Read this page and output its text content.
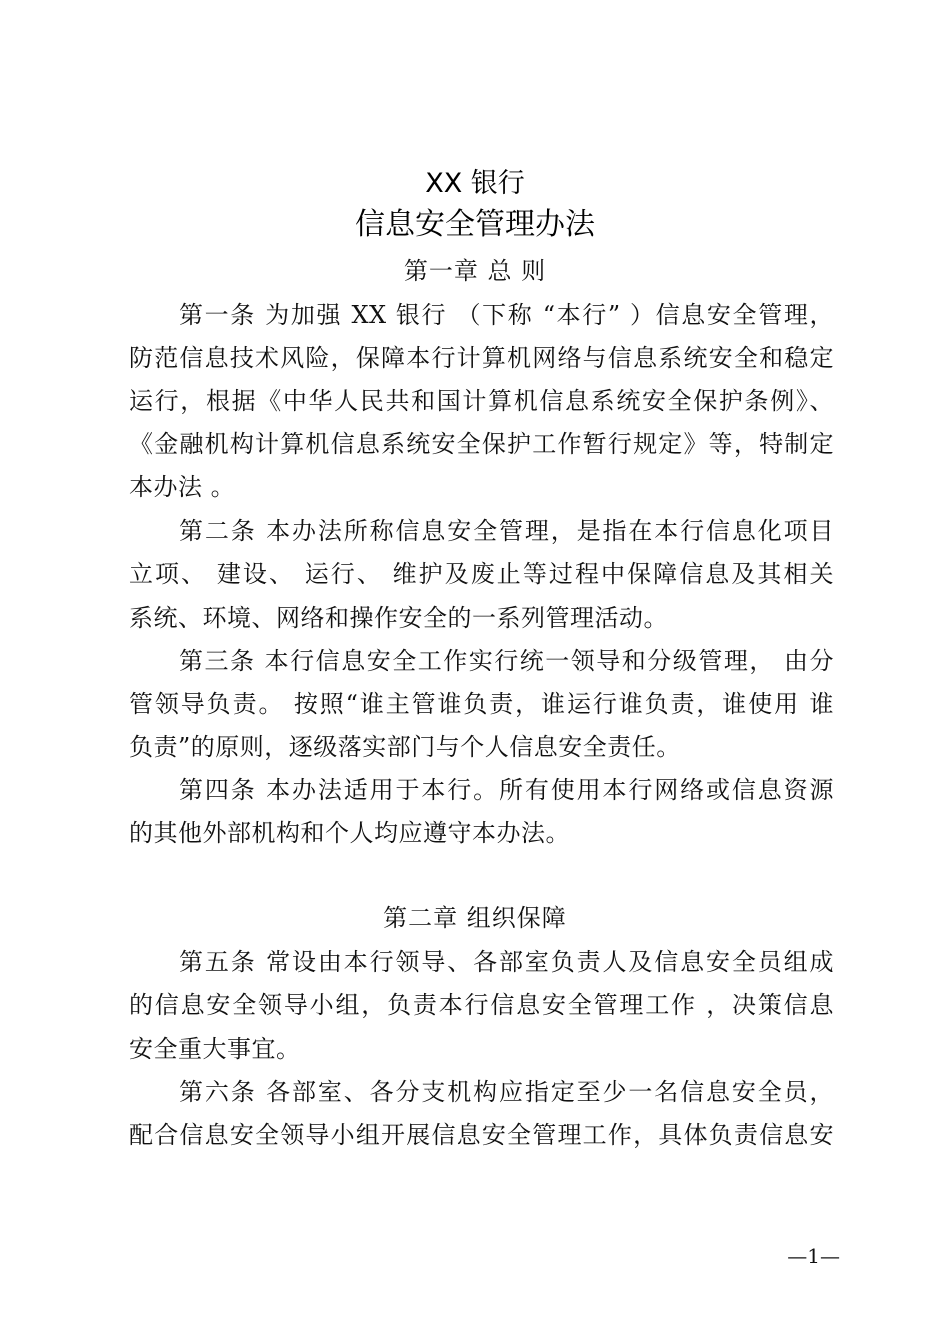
XX 银行
信息安全管理办法
第一章 总 则
第一条 为加强 XX 银行 （下称 “本行” ）信息安全管理，
防范信息技术风险，保障本行计算机网络与信息系统安全和稳定
运行，根据《中华人民共和国计算机信息系统安全保护条例》、
《金融机构计算机信息系统安全保护工作暂行规定》等，特制定
本办法 。
第二条 本办法所称信息安全管理，是指在本行信息化项目
立项、 建设、 运行、 维护及废止等过程中保障信息及其相关
系统、环境、网络和操作安全的一系列管理活动。
第三条 本行信息安全工作实行统一领导和分级管理， 由分
管领导负责。 按照“谁主管谁负责，谁运行谁负责，谁使用 谁
负责”的原则，逐级落实部门与个人信息安全责任。
第四条 本办法适用于本行。所有使用本行网络或信息资源
的其他外部机构和个人均应遵守本办法。
第二章 组织保障
第五条 常设由本行领导、各部室负责人及信息安全员组成
的信息安全领导小组，负责本行信息安全管理工作 ，决策信息
安全重大事宜。
第六条 各部室、各分支机构应指定至少一名信息安全员，
配合信息安全领导小组开展信息安全管理工作，具体负责信息安
—1—
